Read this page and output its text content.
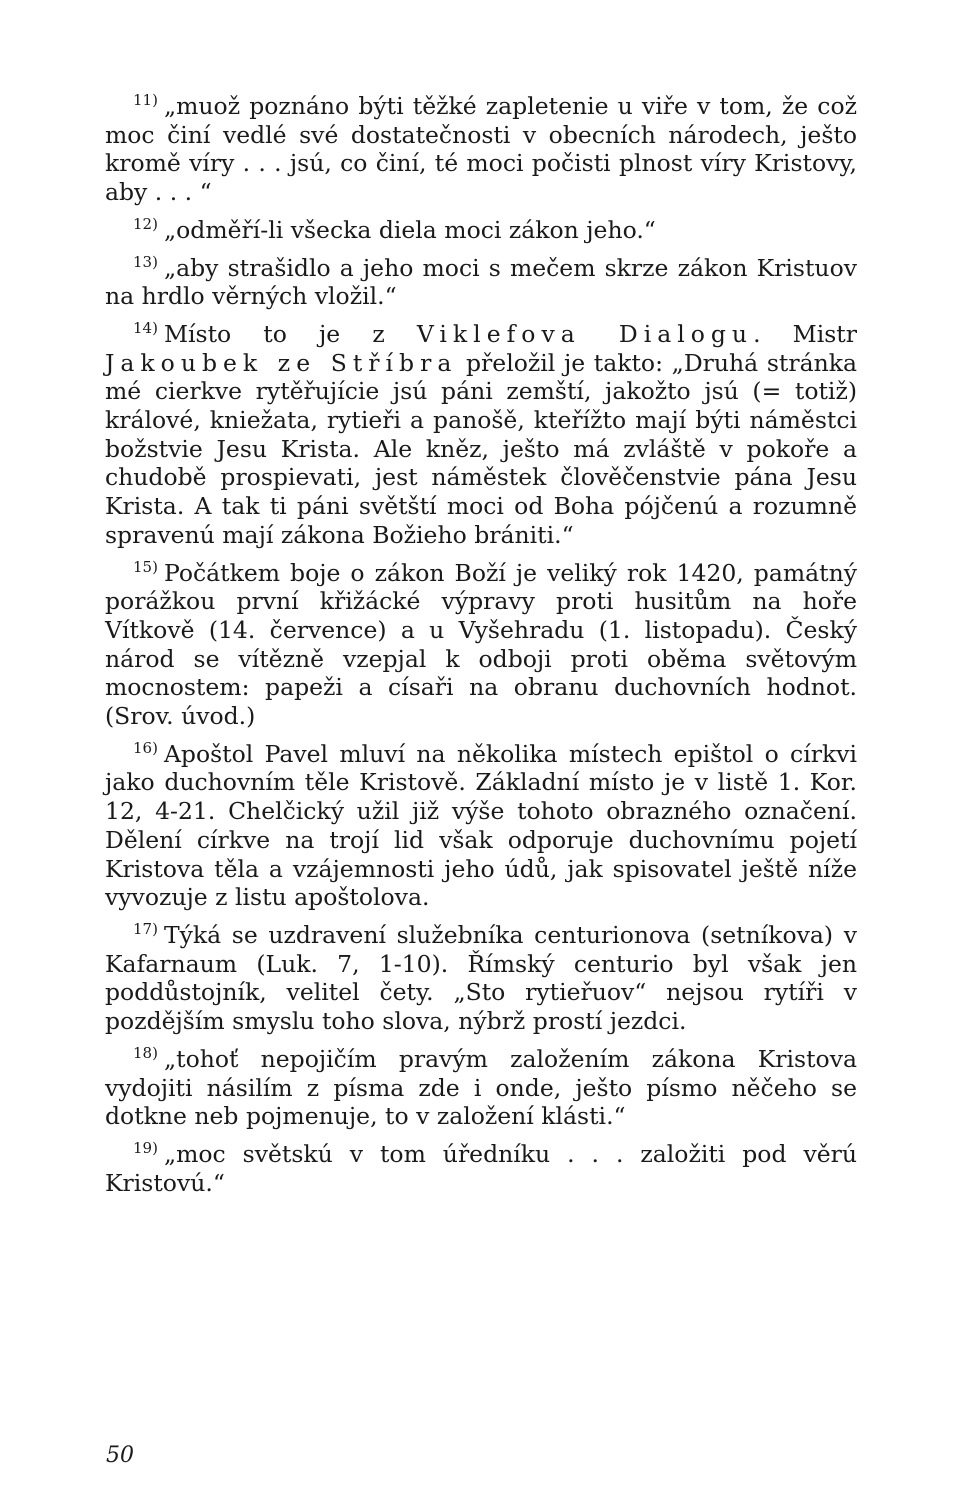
$^{11)}$ „muož poznáno býti těžké zapletenie u viře v tom, že což moc činí vedlé své dostatečnosti v obecních národech, ješto kromě víry . . . jsú, co činí, té moci počisti plnost víry Kristovy, aby . . . “

$^{12)}$ „odměří-li všecka diela moci zákon jeho.“

$^{13)}$ „aby strašidlo a jeho moci s mečem skrze zákon Kristuov na hrdlo věrných vložil.“

$^{14)}$ Místo to je z Viklefova Dialogu. Mistr Jakoubek ze Stříbra přeložil je takto: „Druhá stránka mé cierkve rytěřujície jsú páni zemští, jakožto jsú (= totiž) králové, kniežata, rytieři a panošě, kteřížto mají býti náměstci božstvie Jesu Krista. Ale kněz, ješto má zvláště v pokoře a chudobě prospievati, jest náměstek člověčenstvie pána Jesu Krista. A tak ti páni světští moci od Boha pójčenú a rozumně spravenú mají zákona Božieho brániti.“

$^{15)}$ Počátkem boje o zákon Boží je veliký rok 1420, památný porážkou první křižácké výpravy proti husitům na hoře Vítkově (14. července) a u Vyšehradu (1. listopadu). Český národ se vítězně vzepjal k odboji proti oběma světovým mocnostem: papeži a císaři na obranu duchovních hodnot. (Srov. úvod.)

$^{16)}$ Apoštol Pavel mluví na několika místech epištol o církvi jako duchovním těle Kristově. Základní místo je v listě 1. Kor. 12, 4-21. Chelčický užil již výše tohoto obrazného označení. Dělení církve na trojí lid však odporuje duchovnímu pojetí Kristova těla a vzájemnosti jeho údů, jak spisovatel ještě níže vyvozuje z listu apoštolova.

$^{17)}$ Týká se uzdravení služebníka centurionova (setníkova) v Kafarnaum (Luk. 7, 1-10). Římský centurio byl však jen poddůstojník, velitel čety. „Sto rytieřuov“ nejsou rytíři v pozdějším smyslu toho slova, nýbrž prostí jezdci.

$^{18)}$ „tohoť nepojičím pravým založením zákona Kristova vydojiti násilím z písma zde i onde, ješto písmo něčeho se dotkne neb pojmenuje, to v založení klásti.“

$^{19)}$ „moc světskú v tom úředníku . . . založiti pod věrú Kristovú.“

50
